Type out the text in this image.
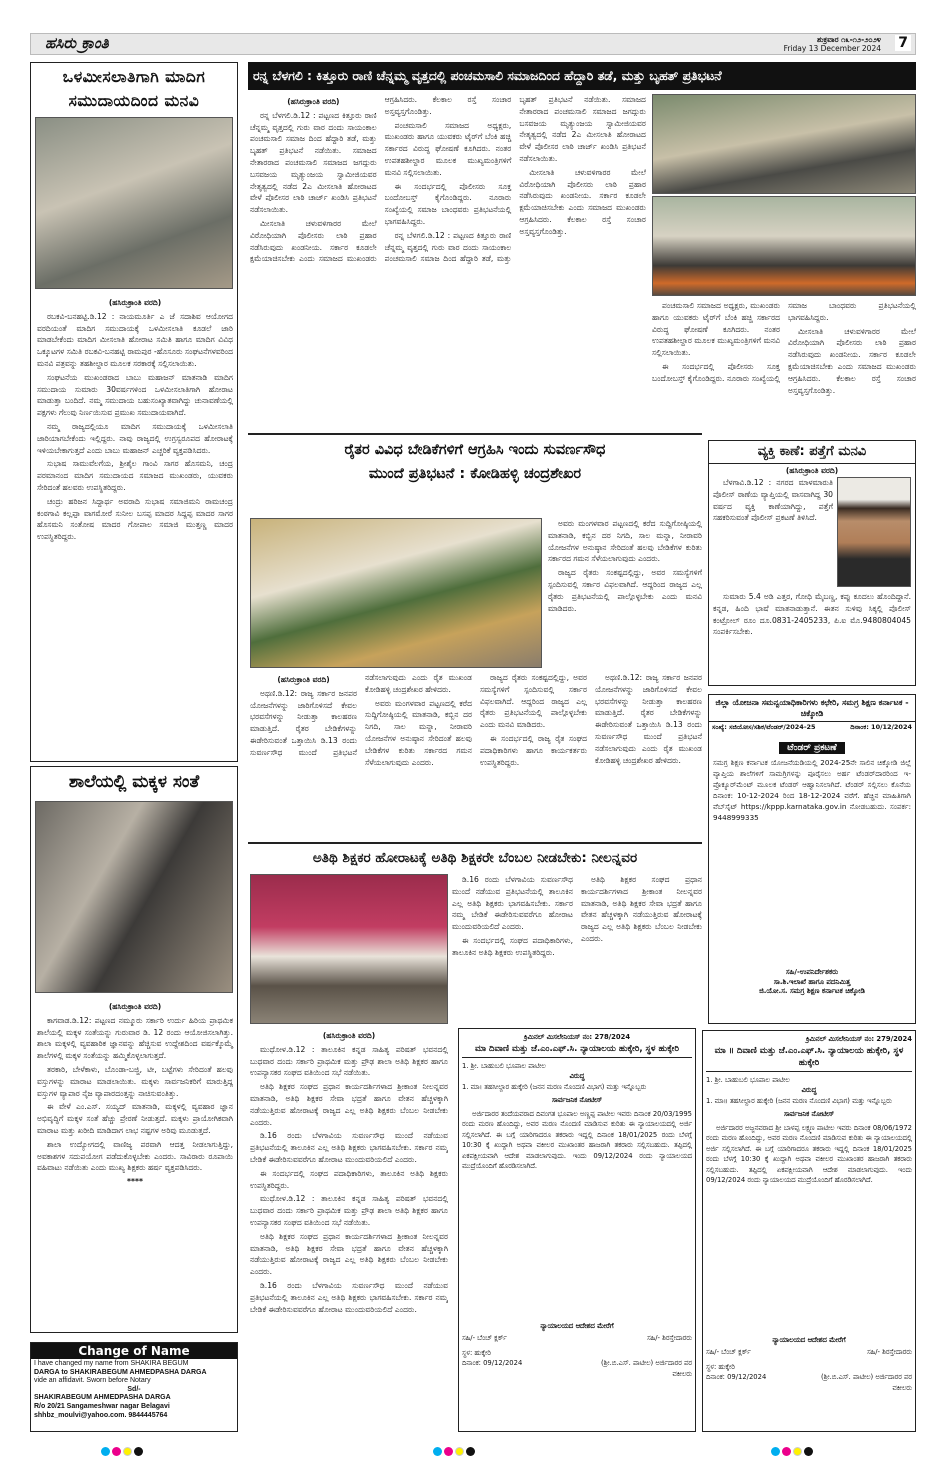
ಹಸಿರು ಕ್ರಾಂತಿ	ಶುಕ್ರವಾರ ೧೩-೧೨-೨೦೨೪
Friday 13 December 2024 7
ಒಳಮೀಸಲಾತಿಗಾಗಿ ಮಾದಿಗ
ಸಮುದಾಯದಿಂದ ಮನವಿ
(ಹಸಿರುಕ್ರಾಂತಿ ವರದಿ)

ರಬಕವಿ-ಬನಹಟ್ಟಿ.ಡಿ.12 : ನಾಯಮೂರ್ತಿ ಎ ಜೆ ಸದಾಶಿವ ಆಯೋಗದ ವರದಿಯಂತೆ ಮಾದಿಗ ಸಮುದಾಯಕ್ಕೆ ಒಳಮೀಸಲಾತಿ ಕೂಡಲೆ ಜಾರಿ ಮಾಡಬೇಕೆಂದು ಮಾದಿಗ ಮೀಸಲಾತಿ ಹೋರಾಟ ಸಮಿತಿ ಹಾಗೂ ಮಾದಿಗ ವಿವಿಧ ಒಕ್ಕೂಟಗಳ ಸಮಿತಿ ರಬಕವಿ-ಬನಹಟ್ಟಿ ರಾಮಪುರ -ಹೊಸೂರು ಸಂಘಟನೆಗಳವರಿಂದ ಮನವಿ ಪತ್ರವನ್ನು ತಹಶೀಲ್ದಾರ ಮೂಲಕ ಸರಕಾರಕ್ಕೆ ಸಲ್ಲಿಸಲಾಯಿತು.

ಸಂಘಟನೆಯ ಮುಖಂಡರಾದ ಬಾಬು ಮಹಾಜನ್ ಮಾತನಾಡಿ ಮಾದಿಗ ಸಮುದಾಯ ಸುಮಾರು 30ವರ್ಷಗಳಿಂದ ಒಳಮೀಸಲಾತಿಗಾಗಿ ಹೋರಾಟ ಮಾಡುತ್ತಾ ಬಂದಿದೆ. ನಮ್ಮ ಸಮುದಾಯ ಬಹುಸಂಖ್ಯಾತವಾಗಿದ್ದು ಚುನಾವಣೆಯಲ್ಲಿ ಪಕ್ಷಗಳು ಗೆಲುವು ನಿರ್ಣಯಿಸುವ ಪ್ರಮುಖ ಸಮುದಾಯವಾಗಿದೆ.

ನಮ್ಮ ರಾಜ್ಯದಲ್ಲಿಯೂ ಮಾದಿಗ ಸಮುದಾಯಕ್ಕೆ ಒಳಮೀಸಲಾತಿ ಜಾರಿಯಾಗಬೇಕೆಂದು ಇಲ್ಲಿದ್ದರು. ನಾವು ರಾಜ್ಯದಲ್ಲಿ ಉಗ್ರಸ್ವರೂಪದ ಹೋರಾಟಕ್ಕೆ ಇಳಿಯಬೇಕಾಗುತ್ತದೆ ಎಂದು ಬಾಬು ಮಹಾಜನ್ ಎಚ್ಚರಿಕೆ ವ್ಯಕ್ತಪಡಿಸಿದರು.

ಸುಭಾಷ ಸಾಮುವೆಲಗೆಯ, ಶ್ರೀಶೈಲ ಗಾಂವಿ ಸಾಗರ ಹೊಸಮನಿ, ಚಂದ್ರ ಪರಮಾನಂದ ಮಾದಿಗ ಸಮುದಾಯದ ಸಮಾಜದ ಮುಖಂಡರು, ಯುವಕರು ಸೇರಿದಂತೆ ಹಲವರು ಉಪಸ್ಥಿತರಿದ್ದರು.

ಚಂದ್ರು ಹರಿಜನ ಸಿದ್ದಾರ್ಥ ಅವರಾದಿ ಸುಭಾಷ ಸಮಾಜಿಮನಿ ರಾಮಚಂದ್ರ ಕಂಠಗಾವಿ ಕಲ್ಲಪ್ಪಾ ವಾಗಮೋರೆ ಸುನೀಲ ಬಸಪ್ಪ ಮಾದರ ಸಿದ್ದಪ್ಪ ಮಾದರ ಸಾಗರ ಹೊಸಮನಿ ಸಂತೋಷ ಮಾದರ ಗೋಪಾಲ ಸಮಾಜಿ ಮುತ್ತಣ್ಣ ಮಾದರ ಉಪಸ್ಥಿತರಿದ್ದರು.

ಶಾಲೆಯಲ್ಲಿ ಮಕ್ಕಳ ಸಂತೆ
(ಹಸಿರುಕ್ರಾಂತಿ ವರದಿ)

ಕಾಗವಾಡ.ಡಿ.12: ಪಟ್ಟಣದ ನಮ್ಮೂರು ಸರ್ಕಾರಿ ಉರ್ದು ಹಿರಿಯ ಪ್ರಾಥಮಿಕ ಶಾಲೆಯಲ್ಲಿ ಮಕ್ಕಳ ಸಂತೆಯನ್ನು ಗುರುವಾರ ಡಿ. 12 ರಂದು ಆಯೋಜಿಸಲಾಗಿತ್ತು. ಶಾಲಾ ಮಕ್ಕಳಲ್ಲಿ ವ್ಯವಹಾರಿಕ ಜ್ಞಾನವನ್ನು ಹೆಚ್ಚಿಸುವ ಉದ್ದೇಶದಿಂದ ವರ್ಷಕ್ಕೊಮ್ಮೆ ಶಾಲೆಗಳಲ್ಲಿ ಮಕ್ಕಳ ಸಂತೆಯನ್ನು ಹಮ್ಮಿಕೊಳ್ಳಲಾಗುತ್ತದೆ.

ತರಕಾರಿ, ಬೇಳೆಕಾಳು, ಬೊಂಡಾ-ಬಜ್ಜಿ, ಟೀ, ಬಟ್ಟೆಗಳು ಸೇರಿದಂತೆ ಹಲವು ವಸ್ತುಗಳನ್ನು ಮಾರಾಟ ಮಾಡಲಾಯಿತು. ಮಕ್ಕಳು ಸಾರ್ವಜನಿಕರಿಗೆ ಮಾರುತ್ತಿದ್ದ ವಸ್ತುಗಳ ವ್ಯಾಪಾರ ನೈಜ ವ್ಯಾಪಾರದಂತ್ತನ್ನು ನಾಚಿಸುವಂತಿತ್ತು.

ಈ ವೇಳೆ ಎಂ.ಎಸ್. ಸಯ್ಯದ್ ಮಾತನಾಡಿ, ಮಕ್ಕಳಲ್ಲಿ ವ್ಯವಹಾರ ಜ್ಞಾನ ಅಭಿವೃದ್ಧಿಗೆ ಮಕ್ಕಳ ಸಂತೆ ಹೆಚ್ಚು ಪ್ರೇರಣೆ ನೀಡುತ್ತದೆ. ಮಕ್ಕಳು ಪ್ರಾಯೋಗಿಕವಾಗಿ ಮಾರಾಟ ಮತ್ತು ಖರೀದಿ ಮಾಡಿದಾಗ ಲಾಭ ನಷ್ಟಗಳ ಅರಿವು ಮೂಡುತ್ತದೆ.

ಶಾಲಾ ಉದ್ಯೋಗದಲ್ಲಿ ವಾಣಿಜ್ಯ ಪರವಾಗಿ ಆದತ್ತ ನೀಡಲಾಗುತ್ತಿದ್ದು, ಅವಕಾಶಗಳ ಸದುಪಯೋಗ ಪಡೆದುಕೊಳ್ಳಬೇಕು ಎಂದರು. ಸಾವಿರಾರು ರೂಪಾಯಿ ವಹಿವಾಟು ನಡೆಯಿತು ಎಂದು ಮುಖ್ಯ ಶಿಕ್ಷಕರು ಹರ್ಷ ವ್ಯಕ್ತಪಡಿಸಿದರು.

****
Change of Name
I have changed my name from SHAKIRA BEGUM
DARGA to SHAKIRABEGUM AHMEDPASHA DARGA
vide an affidavit. Sworn before Notary
Sd/-
SHAKIRABEGUM AHMEDPASHA DARGA
R/o 20/21 Sangameshwar nagar Belagavi
shhbz_moulvi@yahoo.com. 9844445764
ರನ್ನ ಬೆಳಗಲಿ : ಕಿತ್ತೂರು ರಾಣಿ ಚೆನ್ನಮ್ಮ ವೃತ್ತದಲ್ಲಿ ಪಂಚಮಸಾಲಿ ಸಮಾಜದಿಂದ ಹೆದ್ದಾರಿ ತಡೆ, ಮತ್ತು ಬೃಹತ್ ಪ್ರತಿಭಟನೆ
(ಹಸಿರುಕ್ರಾಂತಿ ವರದಿ)

ರನ್ನ ಬೆಳಗಲಿ.ಡಿ.12 : ಪಟ್ಟಣದ ಕಿತ್ತೂರು ರಾಣಿ ಚೆನ್ನಮ್ಮ ವೃತ್ತದಲ್ಲಿ ಗುರು ವಾರ ದಂದು ಸಾಯಂಕಾಲ ಪಂಚಮಸಾಲಿ ಸಮಾಜ ದಿಂದ ಹೆದ್ದಾರಿ ತಡೆ, ಮತ್ತು ಬೃಹತ್ ಪ್ರತಿಭಟನೆ ನಡೆಯಿತು. ಸಮಾಜದ ನೇತಾರರಾದ ಪಂಚಮಸಾಲಿ ಸಮಾಜದ ಜಗದ್ಗುರು ಬಸವಜಯ ಮೃತ್ಯುಂಜಯ ಸ್ವಾಮೀಜಿಯವರ ನೇತೃತ್ವದಲ್ಲಿ ನಡೆದ 2ಎ ಮೀಸಲಾತಿ ಹೋರಾಟದ ವೇಳೆ ಪೊಲೀಸರ ಲಾಠಿ ಚಾರ್ಜ್ ಖಂಡಿಸಿ ಪ್ರತಿಭಟನೆ ನಡೆಸಲಾಯಿತು.

ಮೀಸಲಾತಿ ಚಳುವಳಿಗಾರರ ಮೇಲೆ ವಿರೋಧಿಯಾಗಿ ಪೊಲೀಸರು ಲಾಠಿ ಪ್ರಹಾರ ನಡೆಸಿರುವುದು ಖಂಡನೀಯ. ಸರ್ಕಾರ ಕೂಡಲೇ ಕ್ಷಮೆಯಾಚಿಸಬೇಕು ಎಂದು ಸಮಾಜದ ಮುಖಂಡರು ಆಗ್ರಹಿಸಿದರು. ಕೆಲಕಾಲ ರಸ್ತೆ ಸಂಚಾರ ಅಸ್ತವ್ಯಸ್ತಗೊಂಡಿತ್ತು.

ಪಂಚಮಸಾಲಿ ಸಮಾಜದ ಅಧ್ಯಕ್ಷರು, ಮುಖಂಡರು ಹಾಗೂ ಯುವಕರು ಟೈರ್‌ಗೆ ಬೆಂಕಿ ಹಚ್ಚಿ ಸರ್ಕಾರದ ವಿರುದ್ಧ ಘೋಷಣೆ ಕೂಗಿದರು. ನಂತರ ಉಪತಹಶೀಲ್ದಾರ ಮೂಲಕ ಮುಖ್ಯಮಂತ್ರಿಗಳಿಗೆ ಮನವಿ ಸಲ್ಲಿಸಲಾಯಿತು.

ಈ ಸಂದರ್ಭದಲ್ಲಿ ಪೊಲೀಸರು ಸೂಕ್ತ ಬಂದೋಬಸ್ತ್ ಕೈಗೊಂಡಿದ್ದರು. ನೂರಾರು ಸಂಖ್ಯೆಯಲ್ಲಿ ಸಮಾಜ ಬಾಂಧವರು ಪ್ರತಿಭಟನೆಯಲ್ಲಿ ಭಾಗವಹಿಸಿದ್ದರು.

ರನ್ನ ಬೆಳಗಲಿ.ಡಿ.12 : ಪಟ್ಟಣದ ಕಿತ್ತೂರು ರಾಣಿ ಚೆನ್ನಮ್ಮ ವೃತ್ತದಲ್ಲಿ ಗುರು ವಾರ ದಂದು ಸಾಯಂಕಾಲ ಪಂಚಮಸಾಲಿ ಸಮಾಜ ದಿಂದ ಹೆದ್ದಾರಿ ತಡೆ, ಮತ್ತು ಬೃಹತ್ ಪ್ರತಿಭಟನೆ ನಡೆಯಿತು. ಸಮಾಜದ ನೇತಾರರಾದ ಪಂಚಮಸಾಲಿ ಸಮಾಜದ ಜಗದ್ಗುರು ಬಸವಜಯ ಮೃತ್ಯುಂಜಯ ಸ್ವಾಮೀಜಿಯವರ ನೇತೃತ್ವದಲ್ಲಿ ನಡೆದ 2ಎ ಮೀಸಲಾತಿ ಹೋರಾಟದ ವೇಳೆ ಪೊಲೀಸರ ಲಾಠಿ ಚಾರ್ಜ್ ಖಂಡಿಸಿ ಪ್ರತಿಭಟನೆ ನಡೆಸಲಾಯಿತು.

ಮೀಸಲಾತಿ ಚಳುವಳಿಗಾರರ ಮೇಲೆ ವಿರೋಧಿಯಾಗಿ ಪೊಲೀಸರು ಲಾಠಿ ಪ್ರಹಾರ ನಡೆಸಿರುವುದು ಖಂಡನೀಯ. ಸರ್ಕಾರ ಕೂಡಲೇ ಕ್ಷಮೆಯಾಚಿಸಬೇಕು ಎಂದು ಸಮಾಜದ ಮುಖಂಡರು ಆಗ್ರಹಿಸಿದರು. ಕೆಲಕಾಲ ರಸ್ತೆ ಸಂಚಾರ ಅಸ್ತವ್ಯಸ್ತಗೊಂಡಿತ್ತು.

ಪಂಚಮಸಾಲಿ ಸಮಾಜದ ಅಧ್ಯಕ್ಷರು, ಮುಖಂಡರು ಹಾಗೂ ಯುವಕರು ಟೈರ್‌ಗೆ ಬೆಂಕಿ ಹಚ್ಚಿ ಸರ್ಕಾರದ ವಿರುದ್ಧ ಘೋಷಣೆ ಕೂಗಿದರು. ನಂತರ ಉಪತಹಶೀಲ್ದಾರ ಮೂಲಕ ಮುಖ್ಯಮಂತ್ರಿಗಳಿಗೆ ಮನವಿ ಸಲ್ಲಿಸಲಾಯಿತು.

ಈ ಸಂದರ್ಭದಲ್ಲಿ ಪೊಲೀಸರು ಸೂಕ್ತ ಬಂದೋಬಸ್ತ್ ಕೈಗೊಂಡಿದ್ದರು. ನೂರಾರು ಸಂಖ್ಯೆಯಲ್ಲಿ ಸಮಾಜ ಬಾಂಧವರು ಪ್ರತಿಭಟನೆಯಲ್ಲಿ ಭಾಗವಹಿಸಿದ್ದರು.

ಮೀಸಲಾತಿ ಚಳುವಳಿಗಾರರ ಮೇಲೆ ವಿರೋಧಿಯಾಗಿ ಪೊಲೀಸರು ಲಾಠಿ ಪ್ರಹಾರ ನಡೆಸಿರುವುದು ಖಂಡನೀಯ. ಸರ್ಕಾರ ಕೂಡಲೇ ಕ್ಷಮೆಯಾಚಿಸಬೇಕು ಎಂದು ಸಮಾಜದ ಮುಖಂಡರು ಆಗ್ರಹಿಸಿದರು. ಕೆಲಕಾಲ ರಸ್ತೆ ಸಂಚಾರ ಅಸ್ತವ್ಯಸ್ತಗೊಂಡಿತ್ತು.

ರೈತರ ವಿವಿಧ ಬೇಡಿಕೆಗಳಿಗೆ ಆಗ್ರಹಿಸಿ ಇಂದು ಸುವರ್ಣಸೌಧ
ಮುಂದೆ ಪ್ರತಿಭಟನೆ : ಕೋಡಿಹಳ್ಳಿ ಚಂದ್ರಶೇಖರ

ಅವರು ಮಂಗಳವಾರ ಪಟ್ಟಣದಲ್ಲಿ ಕರೆದ ಸುದ್ದಿಗೋಷ್ಠಿಯಲ್ಲಿ ಮಾತನಾಡಿ, ಕಬ್ಬಿನ ದರ ನಿಗದಿ, ಸಾಲ ಮನ್ನಾ, ನೀರಾವರಿ ಯೋಜನೆಗಳ ಅನುಷ್ಠಾನ ಸೇರಿದಂತೆ ಹಲವು ಬೇಡಿಕೆಗಳ ಕುರಿತು ಸರ್ಕಾರದ ಗಮನ ಸೆಳೆಯಲಾಗುವುದು ಎಂದರು.

ರಾಜ್ಯದ ರೈತರು ಸಂಕಷ್ಟದಲ್ಲಿದ್ದು, ಅವರ ಸಮಸ್ಯೆಗಳಿಗೆ ಸ್ಪಂದಿಸುವಲ್ಲಿ ಸರ್ಕಾರ ವಿಫಲವಾಗಿದೆ. ಆದ್ದರಿಂದ ರಾಜ್ಯದ ಎಲ್ಲ ರೈತರು ಪ್ರತಿಭಟನೆಯಲ್ಲಿ ಪಾಲ್ಗೊಳ್ಳಬೇಕು ಎಂದು ಮನವಿ ಮಾಡಿದರು.

(ಹಸಿರುಕ್ರಾಂತಿ ವರದಿ)

ಅಥಣಿ.ಡಿ.12: ರಾಜ್ಯ ಸರ್ಕಾರ ಜನಪರ ಯೋಜನೆಗಳನ್ನು ಜಾರಿಗೊಳಿಸದೆ ಕೇವಲ ಭರವಸೆಗಳನ್ನು ನೀಡುತ್ತಾ ಕಾಲಹರಣ ಮಾಡುತ್ತಿದೆ. ರೈತರ ಬೇಡಿಕೆಗಳನ್ನು ಈಡೇರಿಸುವಂತೆ ಒತ್ತಾಯಿಸಿ ಡಿ.13 ರಂದು ಸುವರ್ಣಸೌಧ ಮುಂದೆ ಪ್ರತಿಭಟನೆ ನಡೆಸಲಾಗುವುದು ಎಂದು ರೈತ ಮುಖಂಡ ಕೋಡಿಹಳ್ಳಿ ಚಂದ್ರಶೇಖರ ಹೇಳಿದರು.

ಅವರು ಮಂಗಳವಾರ ಪಟ್ಟಣದಲ್ಲಿ ಕರೆದ ಸುದ್ದಿಗೋಷ್ಠಿಯಲ್ಲಿ ಮಾತನಾಡಿ, ಕಬ್ಬಿನ ದರ ನಿಗದಿ, ಸಾಲ ಮನ್ನಾ, ನೀರಾವರಿ ಯೋಜನೆಗಳ ಅನುಷ್ಠಾನ ಸೇರಿದಂತೆ ಹಲವು ಬೇಡಿಕೆಗಳ ಕುರಿತು ಸರ್ಕಾರದ ಗಮನ ಸೆಳೆಯಲಾಗುವುದು ಎಂದರು.

ರಾಜ್ಯದ ರೈತರು ಸಂಕಷ್ಟದಲ್ಲಿದ್ದು, ಅವರ ಸಮಸ್ಯೆಗಳಿಗೆ ಸ್ಪಂದಿಸುವಲ್ಲಿ ಸರ್ಕಾರ ವಿಫಲವಾಗಿದೆ. ಆದ್ದರಿಂದ ರಾಜ್ಯದ ಎಲ್ಲ ರೈತರು ಪ್ರತಿಭಟನೆಯಲ್ಲಿ ಪಾಲ್ಗೊಳ್ಳಬೇಕು ಎಂದು ಮನವಿ ಮಾಡಿದರು.

ಈ ಸಂದರ್ಭದಲ್ಲಿ ರಾಜ್ಯ ರೈತ ಸಂಘದ ಪದಾಧಿಕಾರಿಗಳು ಹಾಗೂ ಕಾರ್ಯಕರ್ತರು ಉಪಸ್ಥಿತರಿದ್ದರು.

ಅಥಣಿ.ಡಿ.12: ರಾಜ್ಯ ಸರ್ಕಾರ ಜನಪರ ಯೋಜನೆಗಳನ್ನು ಜಾರಿಗೊಳಿಸದೆ ಕೇವಲ ಭರವಸೆಗಳನ್ನು ನೀಡುತ್ತಾ ಕಾಲಹರಣ ಮಾಡುತ್ತಿದೆ. ರೈತರ ಬೇಡಿಕೆಗಳನ್ನು ಈಡೇರಿಸುವಂತೆ ಒತ್ತಾಯಿಸಿ ಡಿ.13 ರಂದು ಸುವರ್ಣಸೌಧ ಮುಂದೆ ಪ್ರತಿಭಟನೆ ನಡೆಸಲಾಗುವುದು ಎಂದು ರೈತ ಮುಖಂಡ ಕೋಡಿಹಳ್ಳಿ ಚಂದ್ರಶೇಖರ ಹೇಳಿದರು.

ವ್ಯಕ್ತಿ ಕಾಣೆ: ಪತ್ತೆಗೆ ಮನವಿ
(ಹಸಿರುಕ್ರಾಂತಿ ವರದಿ)

ಬೆಳಗಾವಿ.ಡಿ.12 : ನಗರದ ಮಾಳಮಾರುತಿ ಪೊಲೀಸ್ ಠಾಣೆಯ ವ್ಯಾಪ್ತಿಯಲ್ಲಿ ವಾಸವಾಗಿದ್ದ 30 ವರ್ಷದ ವ್ಯಕ್ತಿ ಕಾಣೆಯಾಗಿದ್ದು, ಪತ್ತೆಗೆ ಸಹಕರಿಸುವಂತೆ ಪೊಲೀಸ್ ಪ್ರಕಟಣೆ ತಿಳಿಸಿದೆ.

ಸುಮಾರು 5.4 ಅಡಿ ಎತ್ತರ, ಗೋಧಿ ಮೈಬಣ್ಣ, ಕಪ್ಪು ಕೂದಲು ಹೊಂದಿದ್ದಾನೆ. ಕನ್ನಡ, ಹಿಂದಿ ಭಾಷೆ ಮಾತನಾಡುತ್ತಾನೆ. ಈತನ ಸುಳಿವು ಸಿಕ್ಕಲ್ಲಿ ಪೊಲೀಸ್ ಕಂಟ್ರೋಲ್ ರೂಂ ದೂ.0831-2405233, ಪಿ.ಐ ಮೊ.9480804045 ಸಂಪರ್ಕಿಸಬೇಕು.

ಜಿಲ್ಲಾ ಯೋಜನಾ ಸಮನ್ವಯಾಧಿಕಾರಿಗಳು ಕಛೇರಿ, ಸಮಗ್ರ ಶಿಕ್ಷಣ ಕರ್ನಾಟಕ - ಚಿಕ್ಕೋಡಿ
ಸಂಖ್ಯೆ: ಸಜಿಯೋಸ/ಸಶಿಕ/ಟೆಂಡರ್/2024-25	ದಿನಾಂಕ: 10/12/2024
ಟೆಂಡರ್ ಪ್ರಕಟಣೆ
ಸಮಗ್ರ ಶಿಕ್ಷಣ ಕರ್ನಾಟಕ ಯೋಜನೆಯಡಿಯಲ್ಲಿ 2024-25ನೇ ಸಾಲಿನ ಚಿಕ್ಕೋಡಿ ಜಿಲ್ಲೆ ವ್ಯಾಪ್ತಿಯ ಶಾಲೆಗಳಿಗೆ ಸಾಮಗ್ರಿಗಳನ್ನು ಪೂರೈಸಲು ಅರ್ಹ ಟೆಂಡರ್‌ದಾರರಿಂದ ಇ-ಪ್ರೊಕ್ಯೂರ್‌ಮೆಂಟ್ ಮೂಲಕ ಟೆಂಡರ್ ಆಹ್ವಾನಿಸಲಾಗಿದೆ. ಟೆಂಡರ್ ಸಲ್ಲಿಸಲು ಕೊನೆಯ ದಿನಾಂಕ: 10-12-2024 ರಿಂದ 18-12-2024 ವರೆಗೆ. ಹೆಚ್ಚಿನ ಮಾಹಿತಿಗಾಗಿ ವೆಬ್‌ಸೈಟ್ https://kppp.karnataka.gov.in ನೋಡಬಹುದು. ಸಂಪರ್ಕ: 9448999335
ಸಹಿ/-ಉಪನಿರ್ದೇಶಕರು
ಸಾ.ಶಿ.ಇಲಾಖೆ ಹಾಗೂ ಪದನಿಮಿತ್ತ
ಜಿ.ಯೋ.ಸ. ಸಮಗ್ರ ಶಿಕ್ಷಣ ಕರ್ನಾಟಕ ಚಿಕ್ಕೋಡಿ
ಅತಿಥಿ ಶಿಕ್ಷಕರ ಹೋರಾಟಕ್ಕೆ ಅತಿಥಿ ಶಿಕ್ಷಕರೇ ಬೆಂಬಲ ನೀಡಬೇಕು: ನೀಲನ್ನವರ

ಡಿ.16 ರಂದು ಬೆಳಗಾವಿಯ ಸುವರ್ಣಸೌಧ ಮುಂದೆ ನಡೆಯುವ ಪ್ರತಿಭಟನೆಯಲ್ಲಿ ತಾಲೂಕಿನ ಎಲ್ಲ ಅತಿಥಿ ಶಿಕ್ಷಕರು ಭಾಗವಹಿಸಬೇಕು. ಸರ್ಕಾರ ನಮ್ಮ ಬೇಡಿಕೆ ಈಡೇರಿಸುವವರೆಗೂ ಹೋರಾಟ ಮುಂದುವರಿಯಲಿದೆ ಎಂದರು.

ಈ ಸಂದರ್ಭದಲ್ಲಿ ಸಂಘದ ಪದಾಧಿಕಾರಿಗಳು, ತಾಲೂಕಿನ ಅತಿಥಿ ಶಿಕ್ಷಕರು ಉಪಸ್ಥಿತರಿದ್ದರು.

ಅತಿಥಿ ಶಿಕ್ಷಕರ ಸಂಘದ ಪ್ರಧಾನ ಕಾರ್ಯದರ್ಶಿಗಳಾದ ಶ್ರೀಕಾಂತ ನೀಲನ್ನವರ ಮಾತನಾಡಿ, ಅತಿಥಿ ಶಿಕ್ಷಕರ ಸೇವಾ ಭದ್ರತೆ ಹಾಗೂ ವೇತನ ಹೆಚ್ಚಳಕ್ಕಾಗಿ ನಡೆಯುತ್ತಿರುವ ಹೋರಾಟಕ್ಕೆ ರಾಜ್ಯದ ಎಲ್ಲ ಅತಿಥಿ ಶಿಕ್ಷಕರು ಬೆಂಬಲ ನೀಡಬೇಕು ಎಂದರು.

(ಹಸಿರುಕ್ರಾಂತಿ ವರದಿ)

ಮುಧೋಳ.ಡಿ.12 : ತಾಲೂಕಿನ ಕನ್ನಡ ಸಾಹಿತ್ಯ ಪರಿಷತ್ ಭವನದಲ್ಲಿ ಬುಧವಾರ ದಂದು ಸರ್ಕಾರಿ ಪ್ರಾಥಮಿಕ ಮತ್ತು ಪ್ರೌಢ ಶಾಲಾ ಅತಿಥಿ ಶಿಕ್ಷಕರ ಹಾಗೂ ಉಪನ್ಯಾಸಕರ ಸಂಘದ ವತಿಯಿಂದ ಸಭೆ ನಡೆಯಿತು.

ಅತಿಥಿ ಶಿಕ್ಷಕರ ಸಂಘದ ಪ್ರಧಾನ ಕಾರ್ಯದರ್ಶಿಗಳಾದ ಶ್ರೀಕಾಂತ ನೀಲನ್ನವರ ಮಾತನಾಡಿ, ಅತಿಥಿ ಶಿಕ್ಷಕರ ಸೇವಾ ಭದ್ರತೆ ಹಾಗೂ ವೇತನ ಹೆಚ್ಚಳಕ್ಕಾಗಿ ನಡೆಯುತ್ತಿರುವ ಹೋರಾಟಕ್ಕೆ ರಾಜ್ಯದ ಎಲ್ಲ ಅತಿಥಿ ಶಿಕ್ಷಕರು ಬೆಂಬಲ ನೀಡಬೇಕು ಎಂದರು.

ಡಿ.16 ರಂದು ಬೆಳಗಾವಿಯ ಸುವರ್ಣಸೌಧ ಮುಂದೆ ನಡೆಯುವ ಪ್ರತಿಭಟನೆಯಲ್ಲಿ ತಾಲೂಕಿನ ಎಲ್ಲ ಅತಿಥಿ ಶಿಕ್ಷಕರು ಭಾಗವಹಿಸಬೇಕು. ಸರ್ಕಾರ ನಮ್ಮ ಬೇಡಿಕೆ ಈಡೇರಿಸುವವರೆಗೂ ಹೋರಾಟ ಮುಂದುವರಿಯಲಿದೆ ಎಂದರು.

ಈ ಸಂದರ್ಭದಲ್ಲಿ ಸಂಘದ ಪದಾಧಿಕಾರಿಗಳು, ತಾಲೂಕಿನ ಅತಿಥಿ ಶಿಕ್ಷಕರು ಉಪಸ್ಥಿತರಿದ್ದರು.

ಮುಧೋಳ.ಡಿ.12 : ತಾಲೂಕಿನ ಕನ್ನಡ ಸಾಹಿತ್ಯ ಪರಿಷತ್ ಭವನದಲ್ಲಿ ಬುಧವಾರ ದಂದು ಸರ್ಕಾರಿ ಪ್ರಾಥಮಿಕ ಮತ್ತು ಪ್ರೌಢ ಶಾಲಾ ಅತಿಥಿ ಶಿಕ್ಷಕರ ಹಾಗೂ ಉಪನ್ಯಾಸಕರ ಸಂಘದ ವತಿಯಿಂದ ಸಭೆ ನಡೆಯಿತು.

ಅತಿಥಿ ಶಿಕ್ಷಕರ ಸಂಘದ ಪ್ರಧಾನ ಕಾರ್ಯದರ್ಶಿಗಳಾದ ಶ್ರೀಕಾಂತ ನೀಲನ್ನವರ ಮಾತನಾಡಿ, ಅತಿಥಿ ಶಿಕ್ಷಕರ ಸೇವಾ ಭದ್ರತೆ ಹಾಗೂ ವೇತನ ಹೆಚ್ಚಳಕ್ಕಾಗಿ ನಡೆಯುತ್ತಿರುವ ಹೋರಾಟಕ್ಕೆ ರಾಜ್ಯದ ಎಲ್ಲ ಅತಿಥಿ ಶಿಕ್ಷಕರು ಬೆಂಬಲ ನೀಡಬೇಕು ಎಂದರು.

ಡಿ.16 ರಂದು ಬೆಳಗಾವಿಯ ಸುವರ್ಣಸೌಧ ಮುಂದೆ ನಡೆಯುವ ಪ್ರತಿಭಟನೆಯಲ್ಲಿ ತಾಲೂಕಿನ ಎಲ್ಲ ಅತಿಥಿ ಶಿಕ್ಷಕರು ಭಾಗವಹಿಸಬೇಕು. ಸರ್ಕಾರ ನಮ್ಮ ಬೇಡಿಕೆ ಈಡೇರಿಸುವವರೆಗೂ ಹೋರಾಟ ಮುಂದುವರಿಯಲಿದೆ ಎಂದರು.

ಕ್ರಿಮಿನಲ್ ಮಿಸಲೇನಿಯಸ್ ನಂ: 278/2024
ಮಾ ದಿವಾಣಿ ಮತ್ತು ಜೆ.ಎಂ.ಎಫ್.ಸಿ. ನ್ಯಾಯಾಲಯ ಹುಕ್ಕೇರಿ, ಸ್ಥಳ ಹುಕ್ಕೇರಿ
1. ಶ್ರೀ. ಬಾಹುಬಲಿ ಭೂಪಾಲ ಪಾಟೀಲ
ವಿರುದ್ಧ
1. ಮಾ। ತಹಸೀಲ್ದಾರ ಹುಕ್ಕೇರಿ (ಜನನ ಮರಣ ನೊಂದಣಿ ವಿಭಾಗ) ಮತ್ತು ಇನ್ನೊಬ್ಬರು
ಸಾರ್ವಜನಿಕ ನೋಟೀಸ್
ಅರ್ಜಿದಾರರ ತಂದೆಯವರಾದ ದಿವಂಗತ ಭೂಪಾಲ ಅಣ್ಣಪ್ಪ ಪಾಟೀಲ ಇವರು ದಿನಾಂಕ 20/03/1995 ರಂದು ಮರಣ ಹೊಂದಿದ್ದು, ಅವರ ಮರಣ ನೊಂದಣಿ ಮಾಡಿಸುವ ಕುರಿತು ಈ ನ್ಯಾಯಾಲಯದಲ್ಲಿ ಅರ್ಜಿ ಸಲ್ಲಿಸಲಾಗಿದೆ. ಈ ಬಗ್ಗೆ ಯಾರಿಗಾದರೂ ತಕರಾರು ಇದ್ದಲ್ಲಿ ದಿನಾಂಕ 18/01/2025 ರಂದು ಬೆಳಗ್ಗೆ 10:30 ಕ್ಕೆ ಖುದ್ದಾಗಿ ಅಥವಾ ವಕೀಲರ ಮುಖಾಂತರ ಹಾಜರಾಗಿ ತಕರಾರು ಸಲ್ಲಿಸಬಹುದು. ತಪ್ಪಿದಲ್ಲಿ ಏಕಪಕ್ಷೀಯವಾಗಿ ಆದೇಶ ಮಾಡಲಾಗುವುದು. ಇಂದು 09/12/2024 ರಂದು ನ್ಯಾಯಾಲಯದ ಮುದ್ರೆಯೊಂದಿಗೆ ಹೊರಡಿಸಲಾಗಿದೆ.
ನ್ಯಾಯಾಲಯದ ಆದೇಶದ ಮೇರೆಗೆ
ಸಹಿ/- ಬೆಂಚ್ ಕ್ಲರ್ಕ್	ಸಹಿ/- ಶಿರಸ್ತೇದಾರರು
ಸ್ಥಳ: ಹುಕ್ಕೇರಿ
ದಿನಾಂಕ: 09/12/2024	(ಶ್ರೀ.ಬಿ.ಎಸ್. ಪಾಟೀಲ) ಅರ್ಜಿದಾರರ ಪರ ವಕೀಲರು
ಕ್ರಿಮಿನಲ್ ಮಿಸಲೇನಿಯಸ್ ನಂ: 279/2024
ಮಾ ॥ ದಿವಾಣಿ ಮತ್ತು ಜೆ.ಎಂ.ಎಫ್.ಸಿ. ನ್ಯಾಯಾಲಯ ಹುಕ್ಕೇರಿ, ಸ್ಥಳ ಹುಕ್ಕೇರಿ
1. ಶ್ರೀ. ಬಾಹುಬಲಿ ಭೂಪಾಲ ಪಾಟೀಲ
ವಿರುದ್ಧ
1. ಮಾ॥ ತಹಸೀಲ್ದಾರ ಹುಕ್ಕೇರಿ (ಜನನ ಮರಣ ನೊಂದಣಿ ವಿಭಾಗ) ಮತ್ತು ಇನ್ನೊಬ್ಬರು
ಸಾರ್ವಜನಿಕ ನೋಟೀಸ್
ಅರ್ಜಿದಾರರ ಅಜ್ಜನವರಾದ ಶ್ರೀ ಬಾಳಪ್ಪ ಲಕ್ಷ್ಮಣ ಪಾಟೀಲ ಇವರು ದಿನಾಂಕ 08/06/1972 ರಂದು ಮರಣ ಹೊಂದಿದ್ದು, ಅವರ ಮರಣ ನೊಂದಣಿ ಮಾಡಿಸುವ ಕುರಿತು ಈ ನ್ಯಾಯಾಲಯದಲ್ಲಿ ಅರ್ಜಿ ಸಲ್ಲಿಸಲಾಗಿದೆ. ಈ ಬಗ್ಗೆ ಯಾರಿಗಾದರೂ ತಕರಾರು ಇದ್ದಲ್ಲಿ ದಿನಾಂಕ 18/01/2025 ರಂದು ಬೆಳಗ್ಗೆ 10:30 ಕ್ಕೆ ಖುದ್ದಾಗಿ ಅಥವಾ ವಕೀಲರ ಮುಖಾಂತರ ಹಾಜರಾಗಿ ತಕರಾರು ಸಲ್ಲಿಸಬಹುದು. ತಪ್ಪಿದಲ್ಲಿ ಏಕಪಕ್ಷೀಯವಾಗಿ ಆದೇಶ ಮಾಡಲಾಗುವುದು. ಇಂದು 09/12/2024 ರಂದು ನ್ಯಾಯಾಲಯದ ಮುದ್ರೆಯೊಂದಿಗೆ ಹೊರಡಿಸಲಾಗಿದೆ.
ನ್ಯಾಯಾಲಯದ ಆದೇಶದ ಮೇರೆಗೆ
ಸಹಿ/- ಬೆಂಚ್ ಕ್ಲರ್ಕ್	ಸಹಿ/- ಶಿರಸ್ತೇದಾರರು
ಸ್ಥಳ: ಹುಕ್ಕೇರಿ
ದಿನಾಂಕ: 09/12/2024	(ಶ್ರೀ.ಬಿ.ಎಸ್. ಪಾಟೀಲ) ಅರ್ಜಿದಾರರ ಪರ ವಕೀಲರು
